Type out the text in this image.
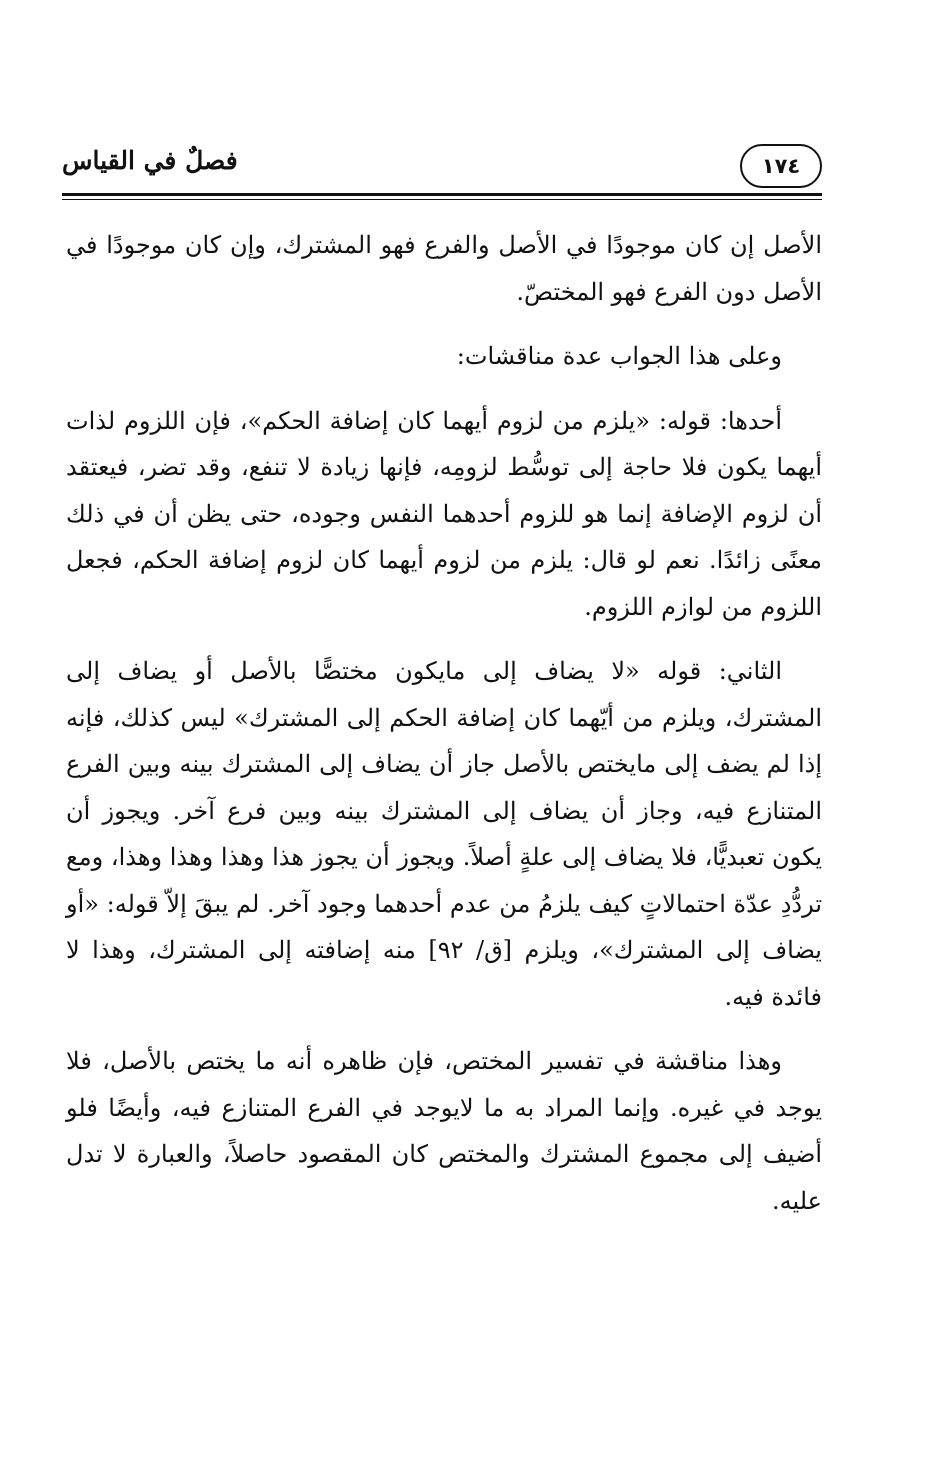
١٧٤
فصلٌ في القياس

الأصل إن كان موجودًا في الأصل والفرع فهو المشترك، وإن كان موجودًا في الأصل دون الفرع فهو المختصّ.

وعلى هذا الجواب عدة مناقشات:

أحدها: قوله: «يلزم من لزوم أيهما كان إضافة الحكم»، فإن اللزوم لذات أيهما يكون فلا حاجة إلى توسُّط لزومِه، فإنها زيادة لا تنفع، وقد تضر، فيعتقد أن لزوم الإضافة إنما هو للزوم أحدهما النفس وجوده، حتى يظن أن في ذلك معنًى زائدًا. نعم لو قال: يلزم من لزوم أيهما كان لزوم إضافة الحكم، فجعل اللزوم من لوازم اللزوم.

الثاني: قوله «لا يضاف إلى مايكون مختصًّا بالأصل أو يضاف إلى المشترك، ويلزم من أيّهما كان إضافة الحكم إلى المشترك» ليس كذلك، فإنه إذا لم يضف إلى مايختص بالأصل جاز أن يضاف إلى المشترك بينه وبين الفرع المتنازع فيه، وجاز أن يضاف إلى المشترك بينه وبين فرع آخر. ويجوز أن يكون تعبديًّا، فلا يضاف إلى علةٍ أصلاً. ويجوز أن يجوز هذا وهذا وهذا وهذا، ومع تردُّدِ عدّة احتمالاتٍ كيف يلزمُ من عدم أحدهما وجود آخر. لم يبقَ إلاّ قوله: «أو يضاف إلى المشترك»، ويلزم [ق/ ٩٢] منه إضافته إلى المشترك، وهذا لا فائدة فيه.

وهذا مناقشة في تفسير المختص، فإن ظاهره أنه ما يختص بالأصل، فلا يوجد في غيره. وإنما المراد به ما لايوجد في الفرع المتنازع فيه، وأيضًا فلو أضيف إلى مجموع المشترك والمختص كان المقصود حاصلاً، والعبارة لا تدل عليه.
